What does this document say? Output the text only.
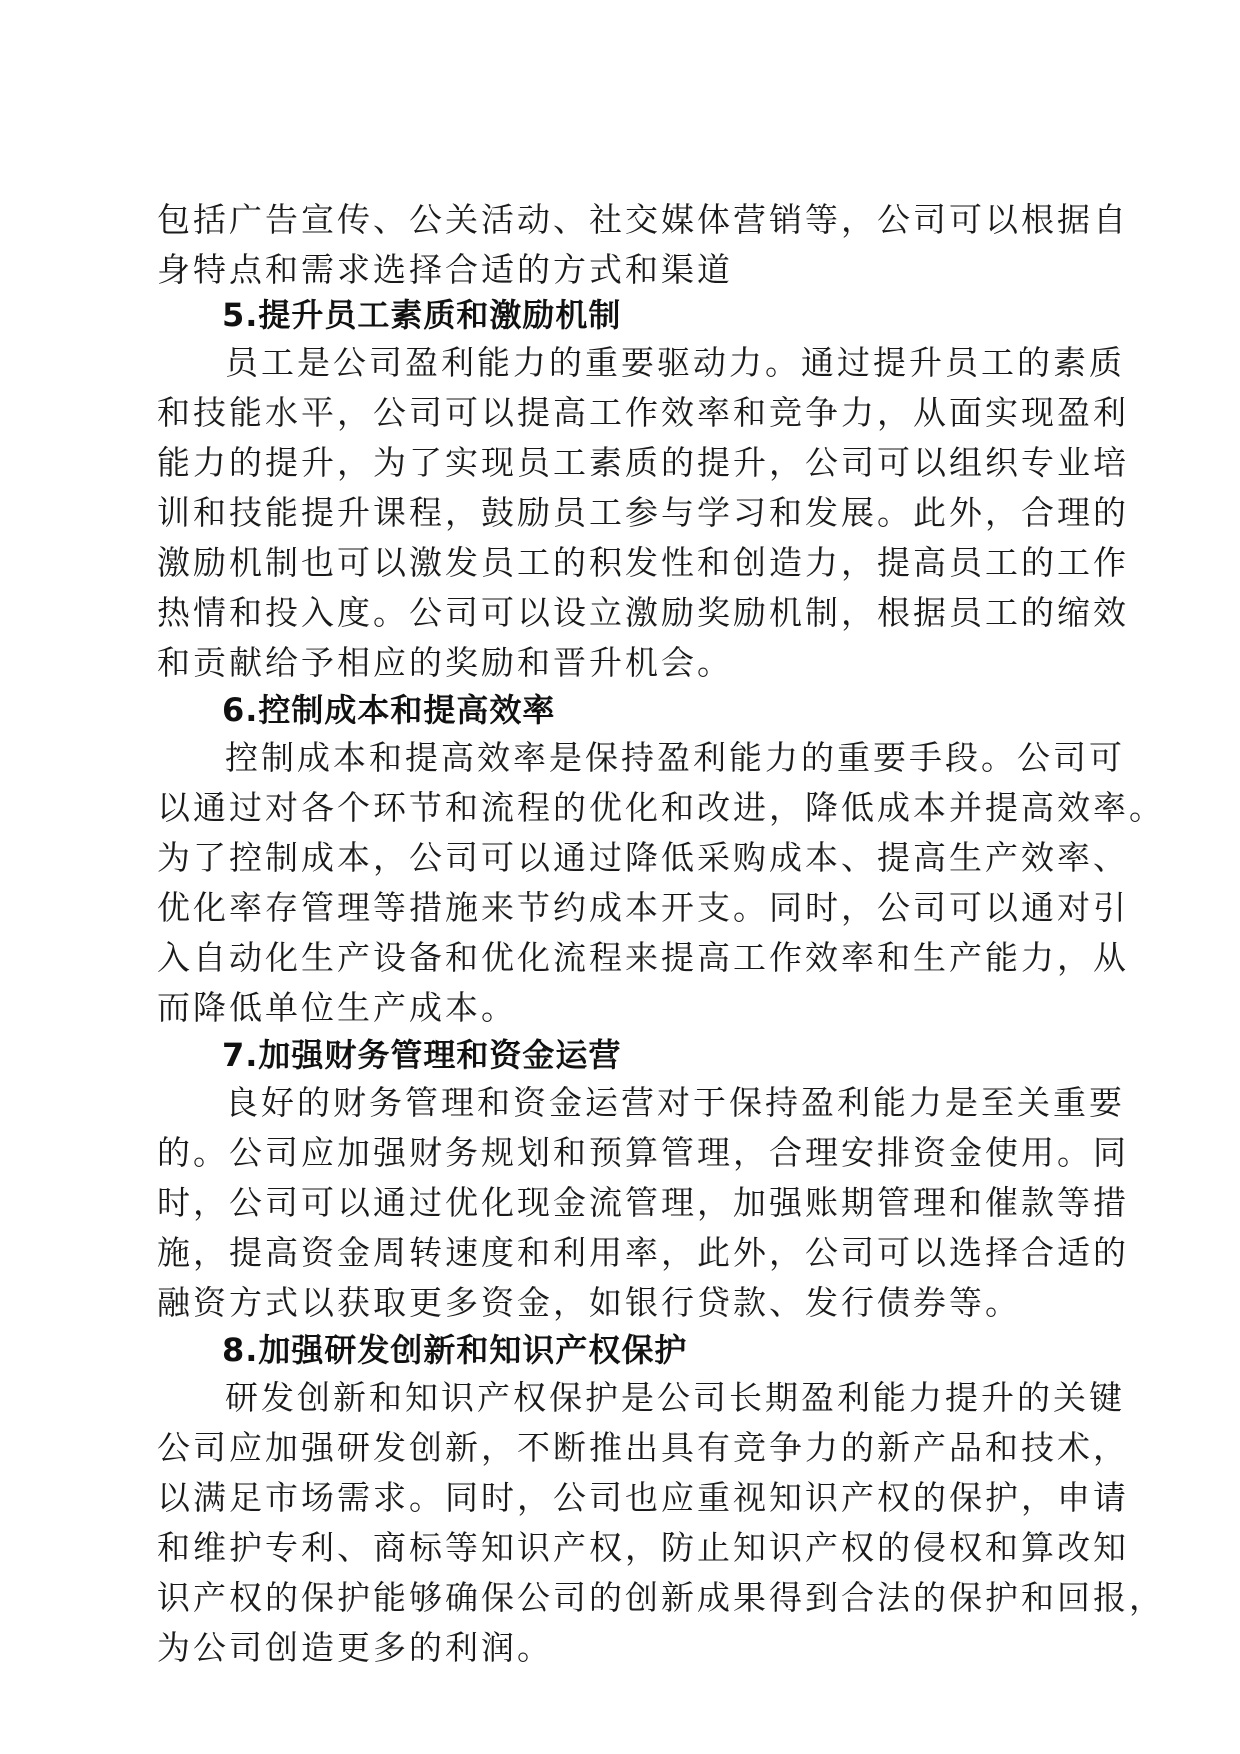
包括广告宣传、公关活动、社交媒体营销等，公司可以根据自
身特点和需求选择合适的方式和渠道
5.提升员工素质和激励机制
员工是公司盈利能力的重要驱动力。通过提升员工的素质
和技能水平，公司可以提高工作效率和竞争力，从面实现盈利
能力的提升，为了实现员工素质的提升，公司可以组织专业培
训和技能提升课程，鼓励员工参与学习和发展。此外，合理的
激励机制也可以激发员工的积发性和创造力，提高员工的工作
热情和投入度。公司可以设立激励奖励机制，根据员工的缩效
和贡献给予相应的奖励和晋升机会。
6.控制成本和提高效率
控制成本和提高效率是保持盈利能力的重要手段。公司可
以通过对各个环节和流程的优化和改进，降低成本并提高效率。
为了控制成本，公司可以通过降低采购成本、提高生产效率、
优化率存管理等措施来节约成本开支。同时，公司可以通对引
入自动化生产设备和优化流程来提高工作效率和生产能力，从
而降低单位生产成本。
7.加强财务管理和资金运营
良好的财务管理和资金运营对于保持盈利能力是至关重要
的。公司应加强财务规划和预算管理，合理安排资金使用。同
时，公司可以通过优化现金流管理，加强账期管理和催款等措
施，提高资金周转速度和利用率，此外，公司可以选择合适的
融资方式以获取更多资金，如银行贷款、发行债券等。
8.加强研发创新和知识产权保护
研发创新和知识产权保护是公司长期盈利能力提升的关键
公司应加强研发创新，不断推出具有竞争力的新产品和技术，
以满足市场需求。同时，公司也应重视知识产权的保护，申请
和维护专利、商标等知识产权，防止知识产权的侵权和算改知
识产权的保护能够确保公司的创新成果得到合法的保护和回报，
为公司创造更多的利润。
